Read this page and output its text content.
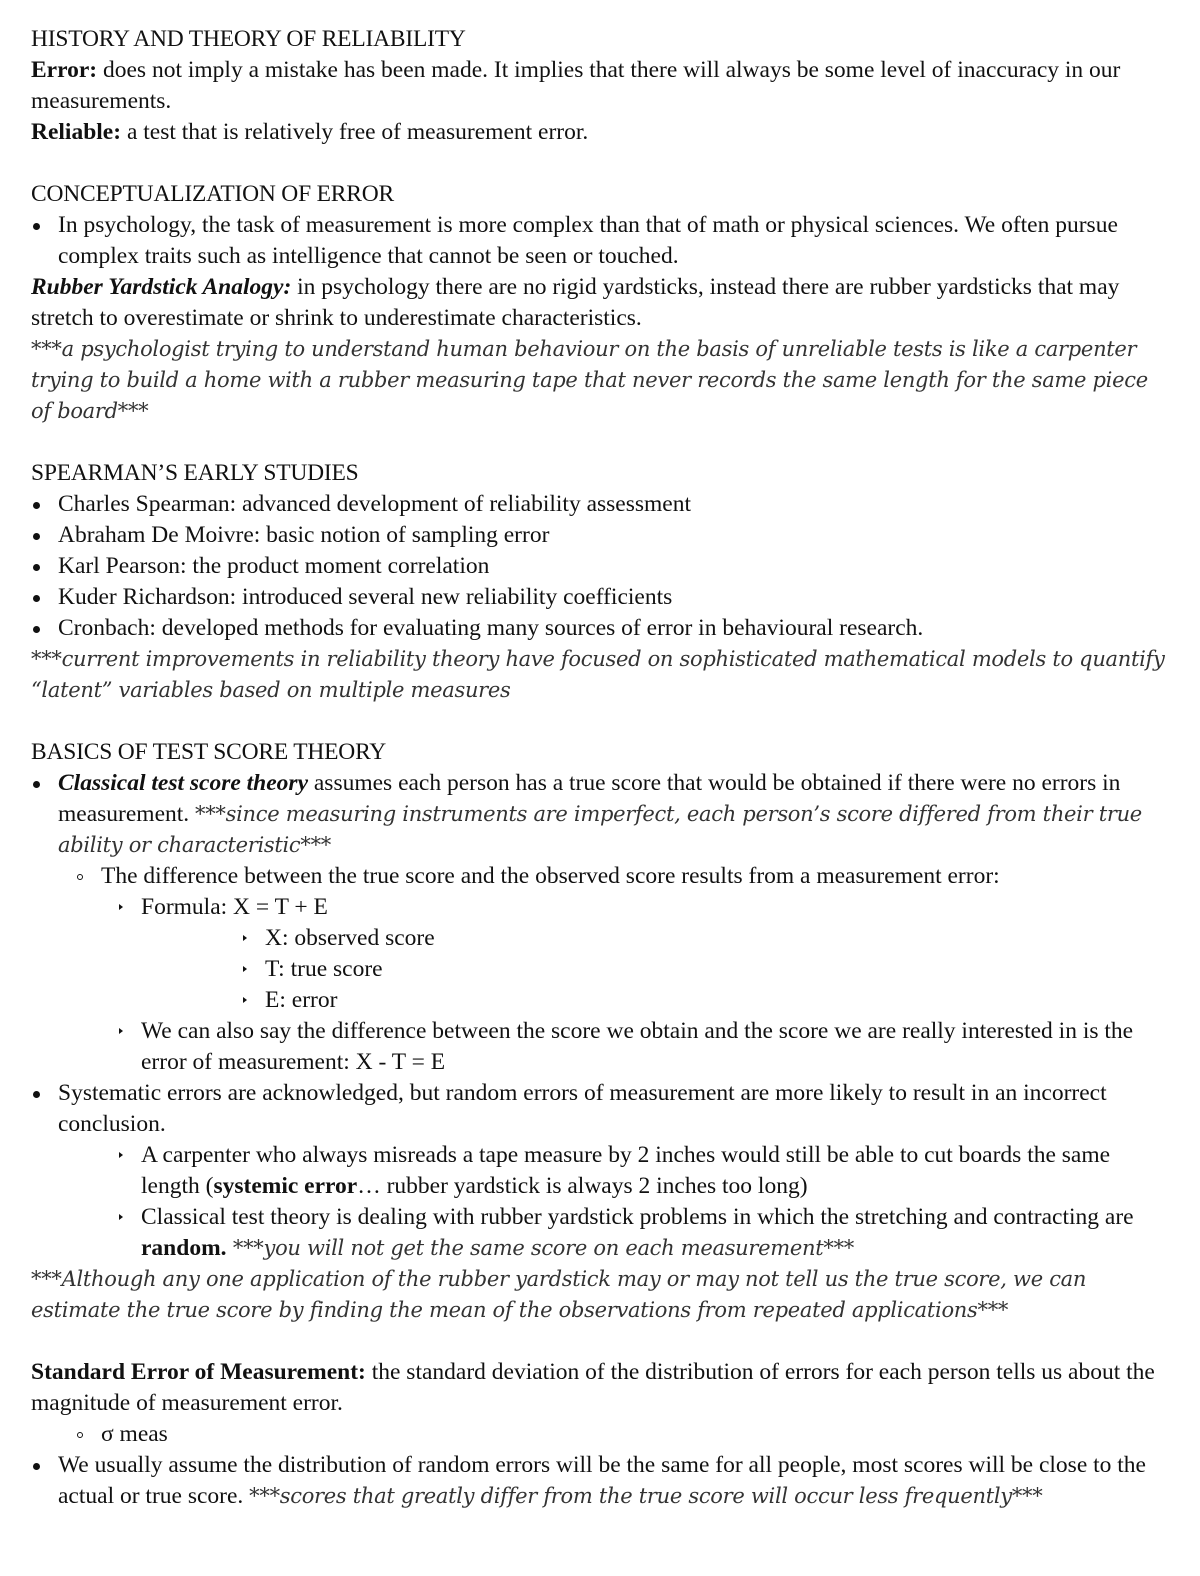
HISTORY AND THEORY OF RELIABILITY

Error: does not imply a mistake has been made. It implies that there will always be some level of inaccuracy in our measurements.

Reliable: a test that is relatively free of measurement error.

CONCEPTUALIZATION OF ERROR

In psychology, the task of measurement is more complex than that of math or physical sciences. We often pursue complex traits such as intelligence that cannot be seen or touched.

Rubber Yardstick Analogy: in psychology there are no rigid yardsticks, instead there are rubber yardsticks that may stretch to overestimate or shrink to underestimate characteristics.

***a psychologist trying to understand human behaviour on the basis of unreliable tests is like a carpenter trying to build a home with a rubber measuring tape that never records the same length for the same piece of board***

SPEARMAN’S EARLY STUDIES

Charles Spearman: advanced development of reliability assessment
Abraham De Moivre: basic notion of sampling error
Karl Pearson: the product moment correlation
Kuder Richardson: introduced several new reliability coefficients
Cronbach: developed methods for evaluating many sources of error in behavioural research.

***current improvements in reliability theory have focused on sophisticated mathematical models to quantify “latent” variables based on multiple measures

BASICS OF TEST SCORE THEORY

Classical test score theory assumes each person has a true score that would be obtained if there were no errors in measurement. ***since measuring instruments are imperfect, each person’s score differed from their true ability or characteristic***
The difference between the true score and the observed score results from a measurement error:
Formula: X = T + E
X: observed score
T: true score
E: error
We can also say the difference between the score we obtain and the score we are really interested in is the error of measurement: X - T = E
Systematic errors are acknowledged, but random errors of measurement are more likely to result in an incorrect conclusion.
A carpenter who always misreads a tape measure by 2 inches would still be able to cut boards the same length (systemic error… rubber yardstick is always 2 inches too long)
Classical test theory is dealing with rubber yardstick problems in which the stretching and contracting are random. ***you will not get the same score on each measurement***

***Although any one application of the rubber yardstick may or may not tell us the true score, we can estimate the true score by finding the mean of the observations from repeated applications***

Standard Error of Measurement: the standard deviation of the distribution of errors for each person tells us about the magnitude of measurement error.

σ meas
We usually assume the distribution of random errors will be the same for all people, most scores will be close to the actual or true score. ***scores that greatly differ from the true score will occur less frequently***
